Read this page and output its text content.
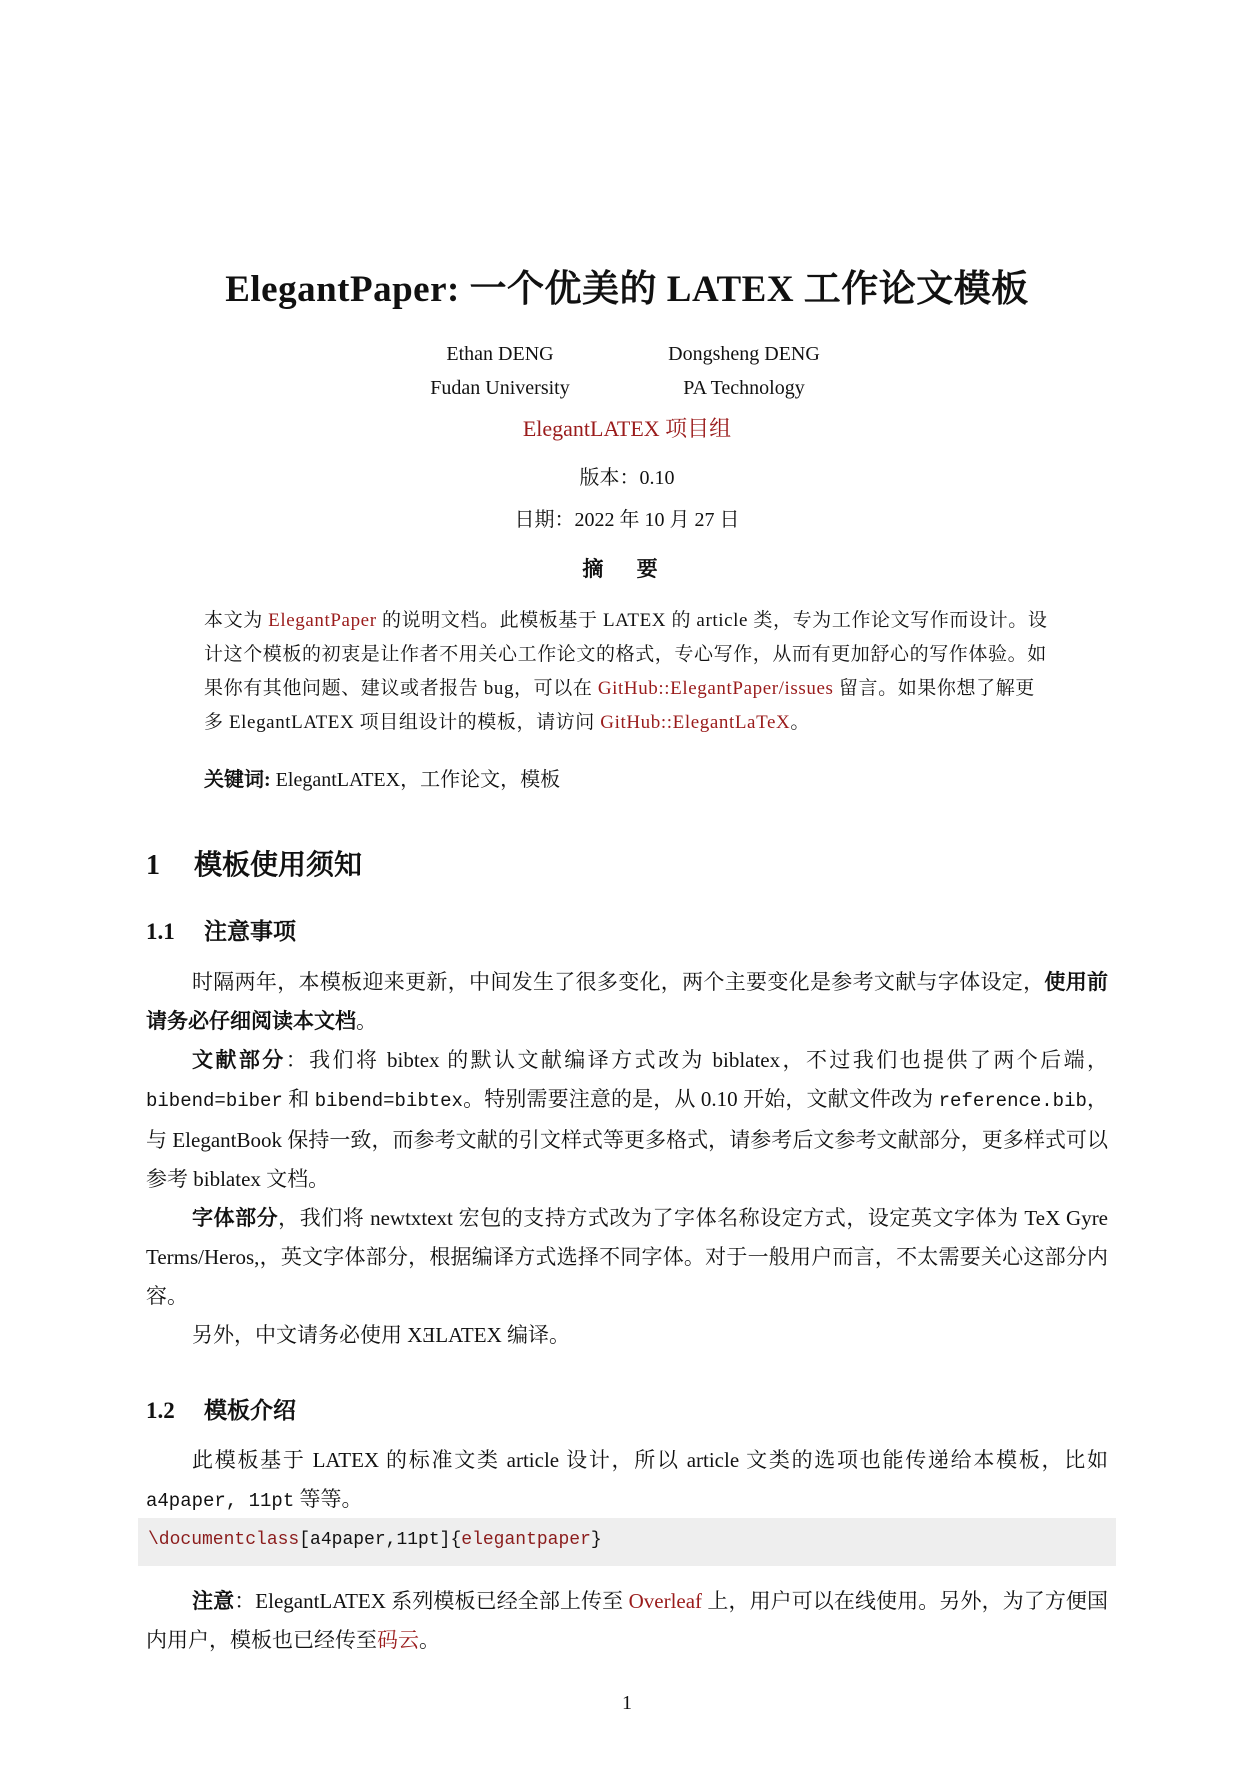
ElegantPaper: 一个优美的 LATEX 工作论文模板
Ethan DENG
Fudan University
Dongsheng DENG
PA Technology
ElegantLATEX 项目组
版本：0.10
日期：2022 年 10 月 27 日
摘 要
本文为 ElegantPaper 的说明文档。此模板基于 LATEX 的 article 类，专为工作论文写作而设计。设计这个模板的初衷是让作者不用关心工作论文的格式，专心写作，从而有更加舒心的写作体验。如果你有其他问题、建议或者报告 bug，可以在 GitHub::ElegantPaper/issues 留言。如果你想了解更多 ElegantLATEX 项目组设计的模板，请访问 GitHub::ElegantLaTeX。
关键词: ElegantLATEX，工作论文，模板
1 模板使用须知
1.1 注意事项

时隔两年，本模板迎来更新，中间发生了很多变化，两个主要变化是参考文献与字体设定，使用前请务必仔细阅读本文档。

文献部分：我们将 bibtex 的默认文献编译方式改为 biblatex，不过我们也提供了两个后端，bibend=biber 和 bibend=bibtex。特别需要注意的是，从 0.10 开始，文献文件改为 reference.bib，与 ElegantBook 保持一致，而参考文献的引文样式等更多格式，请参考后文参考文献部分，更多样式可以参考 biblatex 文档。

字体部分，我们将 newtxtext 宏包的支持方式改为了字体名称设定方式，设定英文字体为 TeX Gyre Terms/Heros,，英文字体部分，根据编译方式选择不同字体。对于一般用户而言，不太需要关心这部分内容。

另外，中文请务必使用 XƎLATEX 编译。

1.2 模板介绍

此模板基于 LATEX 的标准文类 article 设计，所以 article 文类的选项也能传递给本模板，比如 a4paper, 11pt 等等。

\documentclass[a4paper,11pt]{elegantpaper}

注意：ElegantLATEX 系列模板已经全部上传至 Overleaf 上，用户可以在线使用。另外，为了方便国内用户，模板也已经传至码云。

1
